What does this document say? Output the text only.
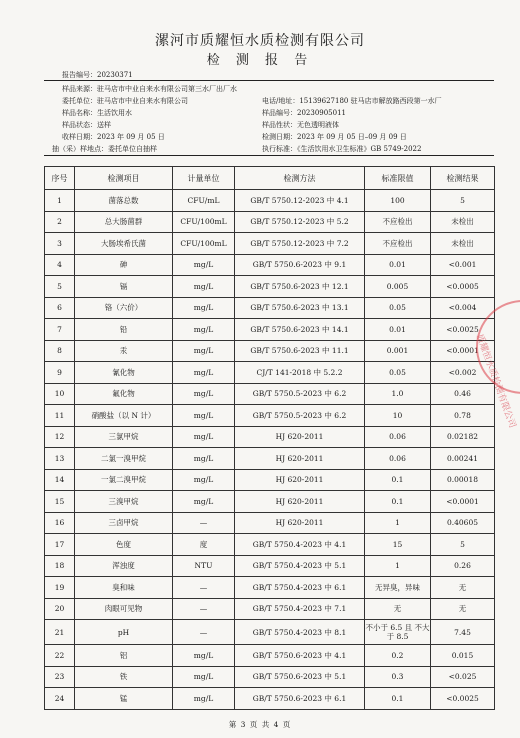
漯河市质耀恒水质检测有限公司
检 测 报 告
报告编号：20230371
样品来源：驻马店市中业自来水有限公司第三水厂出厂水
委托单位：驻马店市中业自来水有限公司	电话/地址：15139627180 驻马店市解放路西段第一水厂
样品名称：生活饮用水	样品编号：20230905011
样品状态：送样	样品性状：无色透明液体
收样日期：2023 年 09 月 05 日	检测日期：2023 年 09 月 05 日–09 月 09 日
抽（采）样地点：委托单位自抽样	执行标准：《生活饮用水卫生标准》GB 5749-2022
序号	检测项目	计量单位	检测方法	标准限值	检测结果
1	菌落总数	CFU/mL	GB/T 5750.12-2023 中 4.1	100	5
2	总大肠菌群	CFU/100mL	GB/T 5750.12-2023 中 5.2	不应检出	未检出
3	大肠埃希氏菌	CFU/100mL	GB/T 5750.12-2023 中 7.2	不应检出	未检出
4	砷	mg/L	GB/T 5750.6-2023 中 9.1	0.01	<0.001
5	镉	mg/L	GB/T 5750.6-2023 中 12.1	0.005	<0.0005
6	铬（六价）	mg/L	GB/T 5750.6-2023 中 13.1	0.05	<0.004
7	铅	mg/L	GB/T 5750.6-2023 中 14.1	0.01	<0.0025
8	汞	mg/L	GB/T 5750.6-2023 中 11.1	0.001	<0.0001
9	氰化物	mg/L	CJ/T 141-2018 中 5.2.2	0.05	<0.002
10	氟化物	mg/L	GB/T 5750.5-2023 中 6.2	1.0	0.46
11	硝酸盐（以 N 计）	mg/L	GB/T 5750.5-2023 中 6.2	10	0.78
12	三氯甲烷	mg/L	HJ 620-2011	0.06	0.02182
13	二氯一溴甲烷	mg/L	HJ 620-2011	0.06	0.00241
14	一氯二溴甲烷	mg/L	HJ 620-2011	0.1	0.00018
15	三溴甲烷	mg/L	HJ 620-2011	0.1	<0.0001
16	三卤甲烷	—	HJ 620-2011	1	0.40605
17	色度	度	GB/T 5750.4-2023 中 4.1	15	5
18	浑浊度	NTU	GB/T 5750.4-2023 中 5.1	1	0.26
19	臭和味	—	GB/T 5750.4-2023 中 6.1	无异臭，异味	无
20	肉眼可见物	—	GB/T 5750.4-2023 中 7.1	无	无
21	pH	—	GB/T 5750.4-2023 中 8.1	不小于 6.5 且 不大于 8.5	7.45
22	铝	mg/L	GB/T 5750.6-2023 中 4.1	0.2	0.015
23	铁	mg/L	GB/T 5750.6-2023 中 5.1	0.3	<0.025
24	锰	mg/L	GB/T 5750.6-2023 中 6.1	0.1	<0.0025
质耀恒水质检测有限公司
第 3 页 共 4 页
